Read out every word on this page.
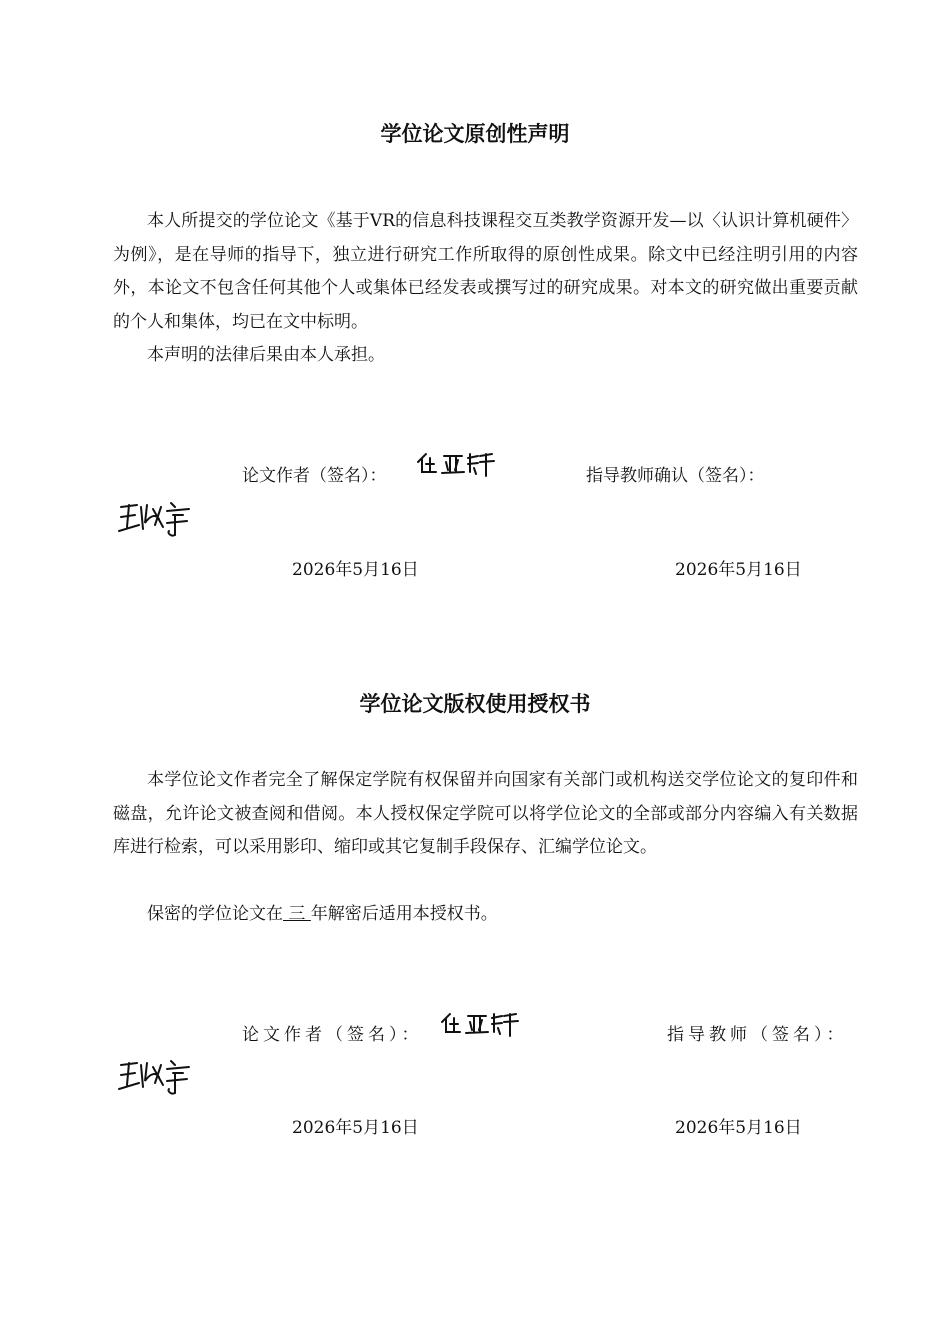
学位论文原创性声明
本人所提交的学位论文《基于VR的信息科技课程交互类教学资源开发—以〈认识计算机硬件〉为例》，是在导师的指导下，独立进行研究工作所取得的原创性成果。除文中已经注明引用的内容外，本论文不包含任何其他个人或集体已经发表或撰写过的研究成果。对本文的研究做出重要贡献的个人和集体，均已在文中标明。
本声明的法律后果由本人承担。
论文作者（签名）：	指导教师确认（签名）：
2026年5月16日	2026年5月16日
学位论文版权使用授权书
本学位论文作者完全了解保定学院有权保留并向国家有关部门或机构送交学位论文的复印件和磁盘，允许论文被查阅和借阅。本人授权保定学院可以将学位论文的全部或部分内容编入有关数据库进行检索，可以采用影印、缩印或其它复制手段保存、汇编学位论文。
保密的学位论文在 三 年解密后适用本授权书。
论文作者（签名）：	指导教师（签名）：
2026年5月16日	2026年5月16日
